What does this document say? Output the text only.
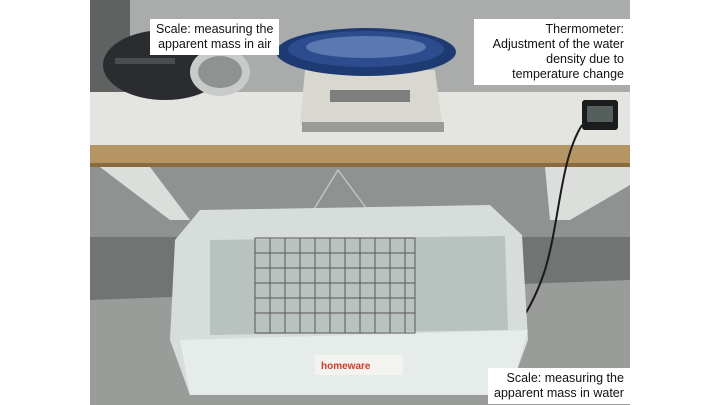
homeware
Scale: measuring the
apparent mass in air
Thermometer:
Adjustment of the water
density due to
temperature change
Scale: measuring the
apparent mass in water
